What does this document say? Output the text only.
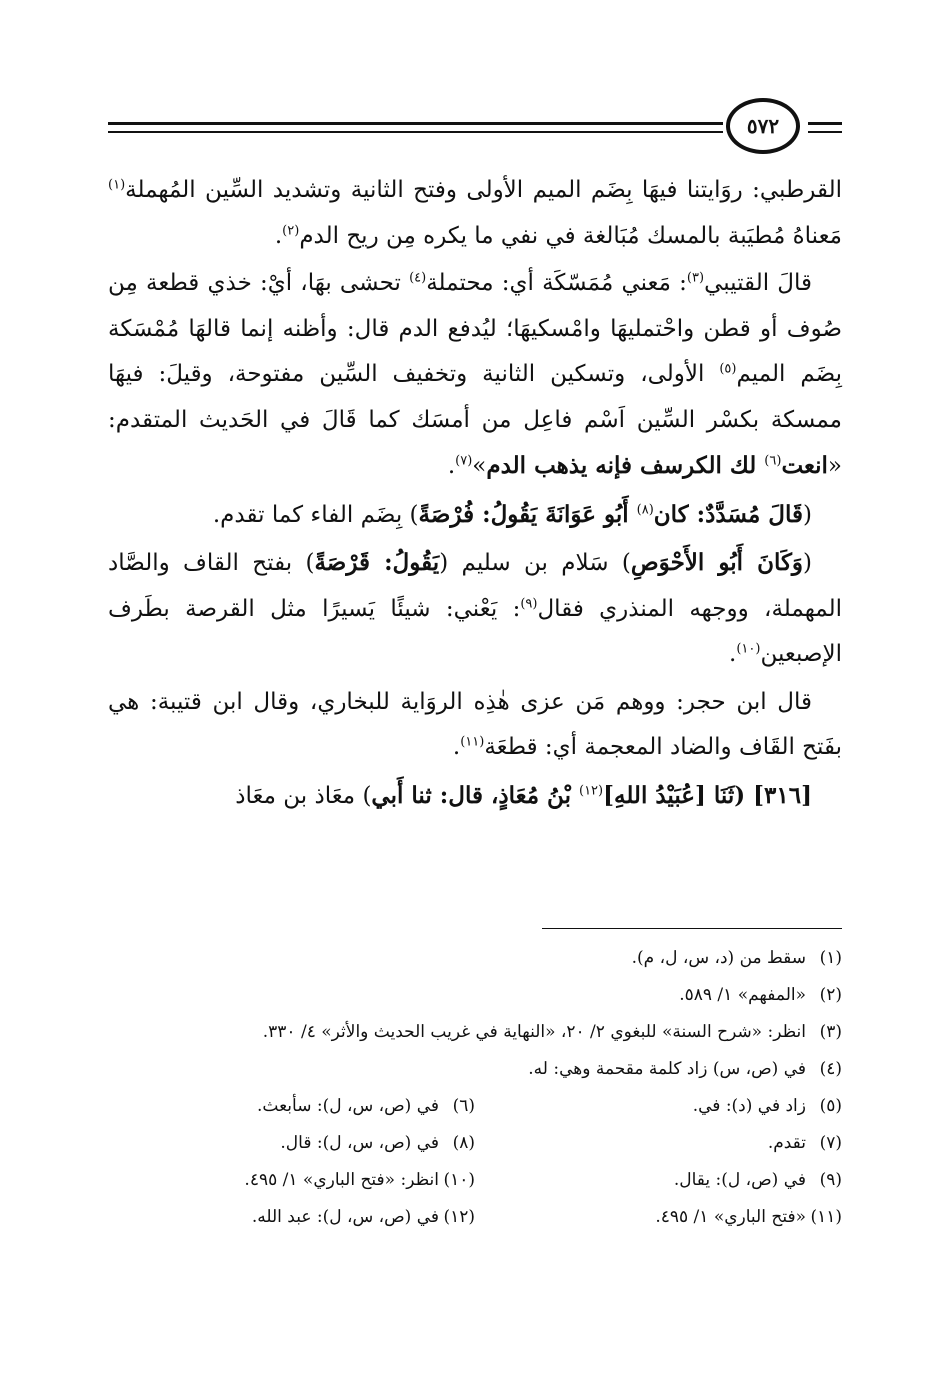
٥٧٢

القرطبي: روَايتنا فيهَا بِضَم الميم الأولى وفتح الثانية وتشديد السِّين المُهملة$^{(١)}$ مَعناهُ مُطيَبة بالمسك مُبَالغة في نفي ما يكره مِن ريح الدم$^{(٢)}$.

قالَ القتيبي$^{(٣)}$: مَعني مُمَسّكَة أي: محتملة$^{(٤)}$ تحشى بهَا، أيْ: خذي قطعة مِن صُوف أو قطن واحْتمليهَا وامْسكيهَا؛ ليُدفع الدم قال: وأظنه إنما قالهَا مُمْسَكة بِضَم الميم$^{(٥)}$ الأولى، وتسكين الثانية وتخفيف السِّين مفتوحة، وقيلَ: فيهَا ممسكة بكسْر السِّين اَسْم فاعِل من أمسَك كما قَالَ في الحَديث المتقدم: «انعت$^{(٦)}$ لك الكرسف فإنه يذهب الدم»$^{(٧)}$.

(قَالَ مُسَدَّدٌ: كان$^{(٨)}$ أَبُو عَوَانَةَ يَقُولُ: فُرْصَةً) بِضَم الفاء كما تقدم.

(وَكَانَ أَبُو الأَحْوَصِ) سَلام بن سليم (يَقُولُ: قَرْصَةً) بفتح القاف والصَّاد المهملة، ووجهه المنذري فقال$^{(٩)}$: يَعْني: شيئًا يَسيرًا مثل القرصة بطَرف الإصبعين$^{(١٠)}$.

قال ابن حجر: ووهم مَن عزى هٰذِه الروَاية للبخاري، وقال ابن قتيبة: هي بفَتح القَاف والضاد المعجمة أي: قطعَة$^{(١١)}$.

[٣١٦] (ثَنَا [عُبَيْدُ اللهِ]$^{(١٢)}$ بْنُ مُعَاذٍ، قال: ثنا أَبي) معَاذ بن معَاذ

(١)سقط من (د، س، ل، م).
(٢)«المفهم» ١/ ٥٨٩.
(٣)انظر: «شرح السنة» للبغوي ٢/ ٢٠، «النهاية في غريب الحديث والأثر» ٤/ ٣٣٠.
(٤)في (ص، س) زاد كلمة مقحمة وهي: له.
(٥)زاد في (د): في.
(٦)في (ص، س، ل): سأبعث.
(٧)تقدم.
(٨)في (ص، س، ل): قال.
(٩)في (ص، ل): يقال.
(١٠)انظر: «فتح الباري» ١/ ٤٩٥.
(١١)«فتح الباري» ١/ ٤٩٥.
(١٢)في (ص، س، ل): عبد الله.
